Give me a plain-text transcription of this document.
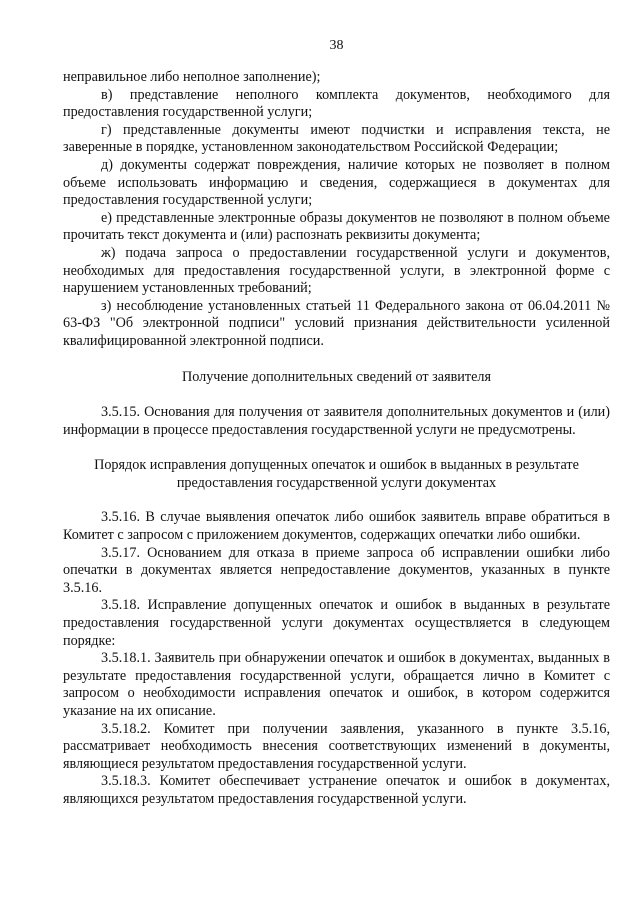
38

неправильное либо неполное заполнение);

в) представление неполного комплекта документов, необходимого для предоставления государственной услуги;

г) представленные документы имеют подчистки и исправления текста, не заверенные в порядке, установленном законодательством Российской Федерации;

д) документы содержат повреждения, наличие которых не позволяет в полном объеме использовать информацию и сведения, содержащиеся в документах для предоставления государственной услуги;

е) представленные электронные образы документов не позволяют в полном объеме прочитать текст документа и (или) распознать реквизиты документа;

ж) подача запроса о предоставлении государственной услуги и документов, необходимых для предоставления государственной услуги, в электронной форме с нарушением установленных требований;

з) несоблюдение установленных статьей 11 Федерального закона от 06.04.2011 № 63-ФЗ "Об электронной подписи" условий признания действительности усиленной квалифицированной электронной подписи.

Получение дополнительных сведений от заявителя

3.5.15. Основания для получения от заявителя дополнительных документов и (или) информации в процессе предоставления государственной услуги не предусмотрены.

Порядок исправления допущенных опечаток и ошибок в выданных в результате предоставления государственной услуги документах

3.5.16. В случае выявления опечаток либо ошибок заявитель вправе обратиться в Комитет с запросом с приложением документов, содержащих опечатки либо ошибки.

3.5.17. Основанием для отказа в приеме запроса об исправлении ошибки либо опечатки в документах является непредоставление документов, указанных в пункте 3.5.16.

3.5.18. Исправление допущенных опечаток и ошибок в выданных в результате предоставления государственной услуги документах осуществляется в следующем порядке:

3.5.18.1. Заявитель при обнаружении опечаток и ошибок в документах, выданных в результате предоставления государственной услуги, обращается лично в Комитет с запросом о необходимости исправления опечаток и ошибок, в котором содержится указание на их описание.

3.5.18.2. Комитет при получении заявления, указанного в пункте 3.5.16, рассматривает необходимость внесения соответствующих изменений в документы, являющиеся результатом предоставления государственной услуги.

3.5.18.3. Комитет обеспечивает устранение опечаток и ошибок в документах, являющихся результатом предоставления государственной услуги.
